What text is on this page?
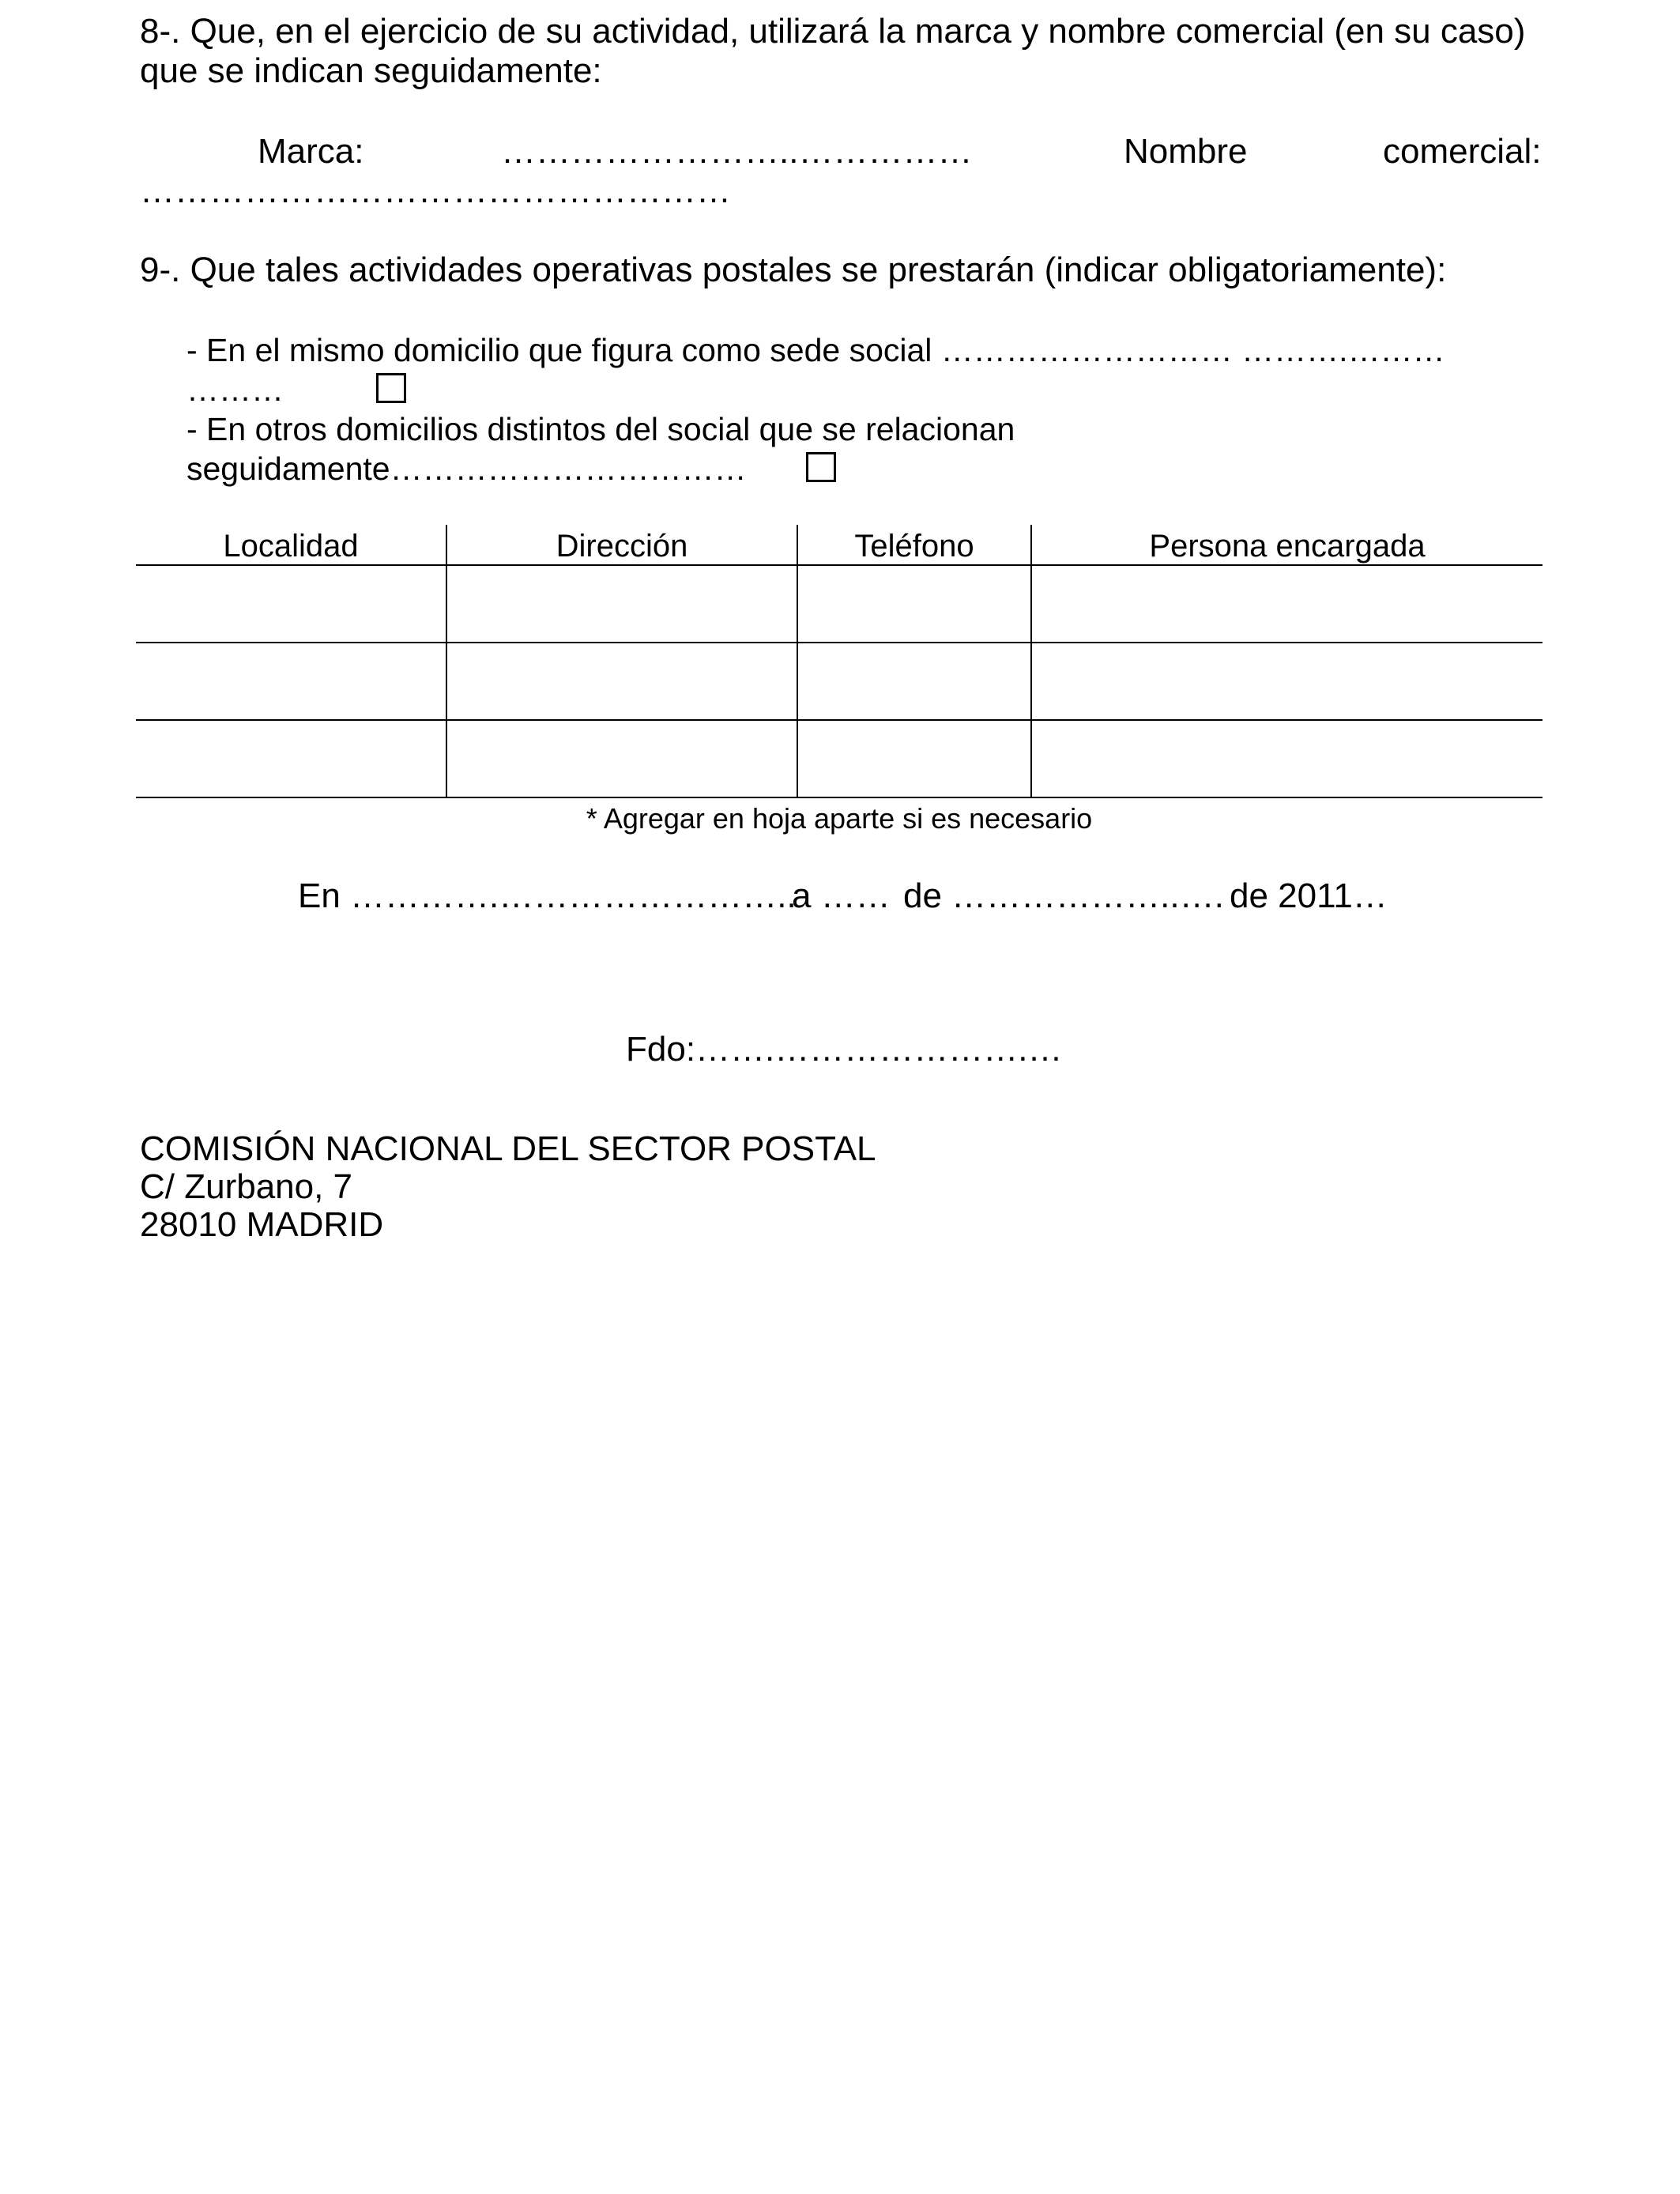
8-. Que, en el ejercicio de su actividad, utilizará la marca y nombre comercial (en su caso)

que se indican seguidamente:

Marca:	……………………..……………	Nombre	comercial:

……………………………………………

9-. Que tales actividades operativas postales se prestarán (indicar obligatoriamente):

- En el mismo domicilio que figura como sede social ……………………… ……….………

………

- En otros domicilios distintos del social que se relacionan

seguidamente……………………………

Localidad	Dirección	Teléfono	Persona encargada

* Agregar en hoja aparte si es necesario

En ………….……………………..

a …… de ………………..…. de 2011…

Fdo:…….………………….…

COMISIÓN NACIONAL DEL SECTOR POSTAL

C/ Zurbano, 7

28010 MADRID
